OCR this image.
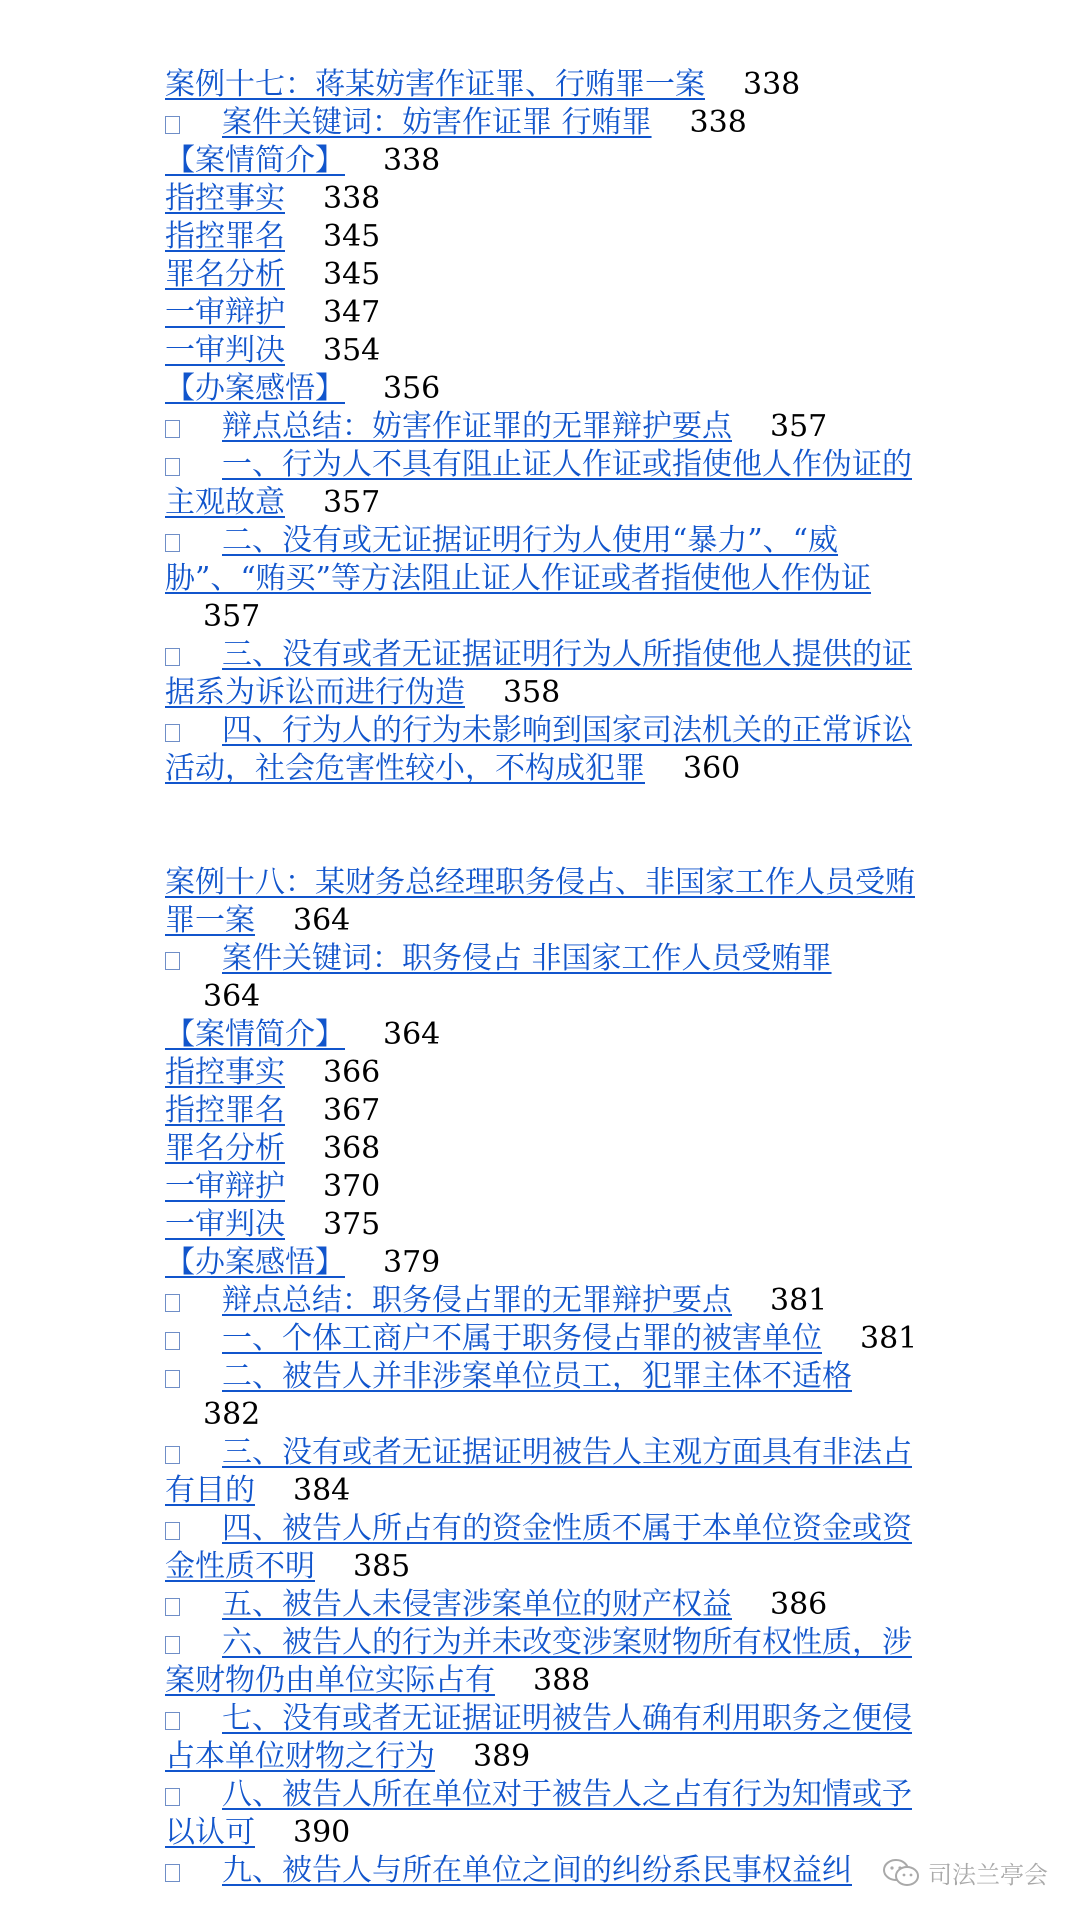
案例十七：蒋某妨害作证罪、行贿罪一案 338

案件关键词：妨害作证罪 行贿罪 338

【案情简介】 338

指控事实 338

指控罪名 345

罪名分析 345

一审辩护 347

一审判决 354

【办案感悟】 356

辩点总结：妨害作证罪的无罪辩护要点 357

一、行为人不具有阻止证人作证或指使他人作伪证的主观故意 357

二、没有或无证据证明行为人使用“暴力”、“威胁”、“贿买”等方法阻止证人作证或者指使他人作伪证357

三、没有或者无证据证明行为人所指使他人提供的证据系为诉讼而进行伪造 358

四、行为人的行为未影响到国家司法机关的正常诉讼活动，社会危害性较小，不构成犯罪 360

案例十八：某财务总经理职务侵占、非国家工作人员受贿罪一案 364

案件关键词：职务侵占 非国家工作人员受贿罪364

【案情简介】 364

指控事实 366

指控罪名 367

罪名分析 368

一审辩护 370

一审判决 375

【办案感悟】 379

辩点总结：职务侵占罪的无罪辩护要点 381

一、个体工商户不属于职务侵占罪的被害单位 381

二、被告人并非涉案单位员工，犯罪主体不适格382

三、没有或者无证据证明被告人主观方面具有非法占有目的 384

四、被告人所占有的资金性质不属于本单位资金或资金性质不明 385

五、被告人未侵害涉案单位的财产权益 386

六、被告人的行为并未改变涉案财物所有权性质，涉案财物仍由单位实际占有 388

七、没有或者无证据证明被告人确有利用职务之便侵占本单位财物之行为 389

八、被告人所在单位对于被告人之占有行为知情或予以认可 390

九、被告人与所在单位之间的纠纷系民事权益纠	司法兰亭会
